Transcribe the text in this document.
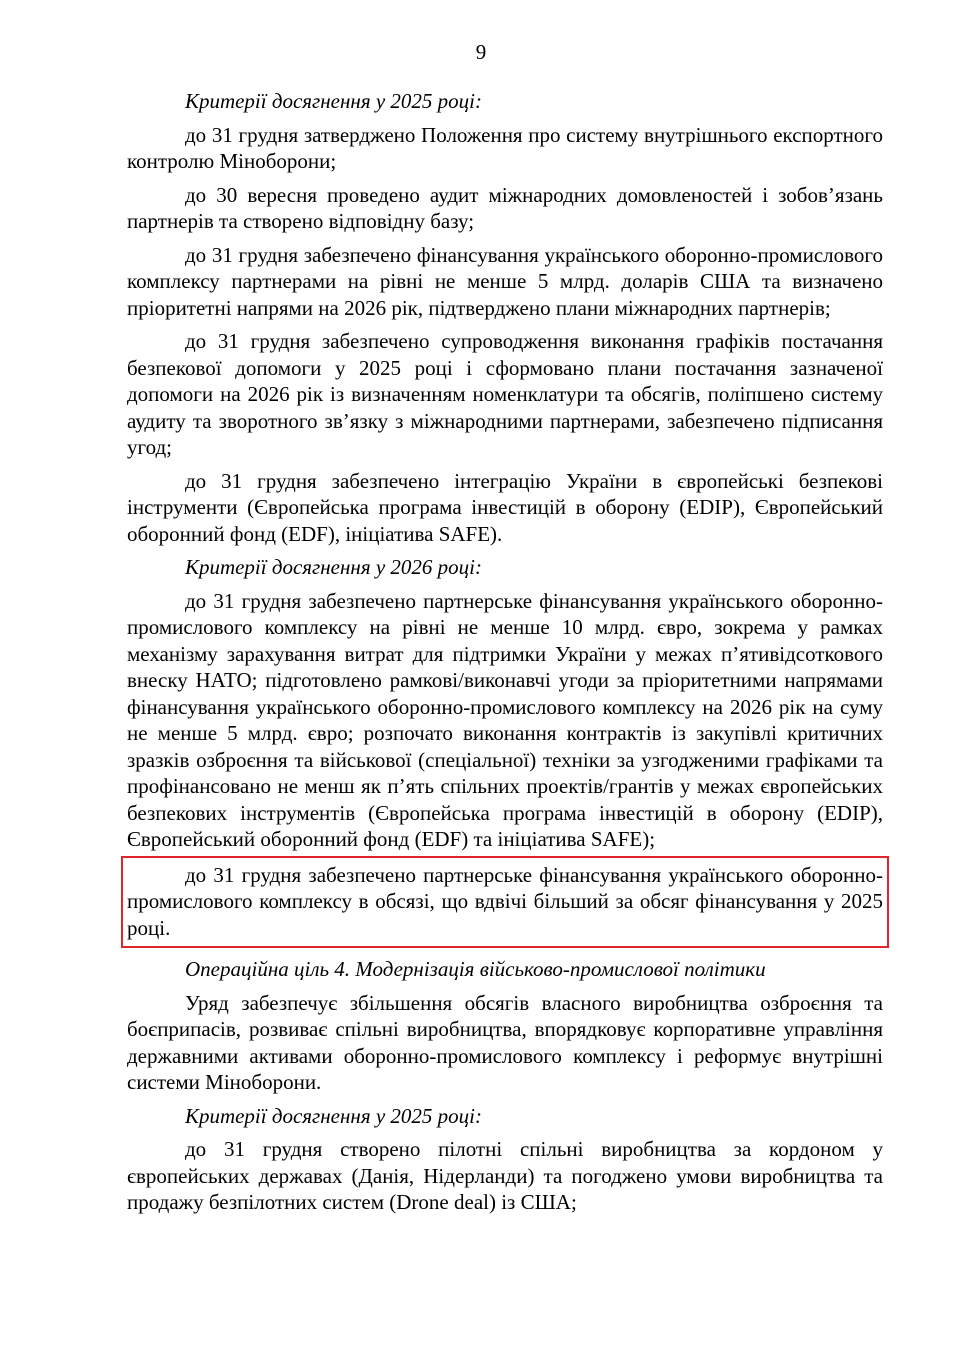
9

Критерії досягнення у 2025 році:

до 31 грудня затверджено Положення про систему внутрішнього експортного контролю Міноборони;

до 30 вересня проведено аудит міжнародних домовленостей і зобов’язань партнерів та створено відповідну базу;

до 31 грудня забезпечено фінансування українського оборонно-промислового комплексу партнерами на рівні не менше 5 млрд. доларів США та визначено пріоритетні напрями на 2026 рік, підтверджено плани міжнародних партнерів;

до 31 грудня забезпечено супроводження виконання графіків постачання безпекової допомоги у 2025 році і сформовано плани постачання зазначеної допомоги на 2026 рік із визначенням номенклатури та обсягів, поліпшено систему аудиту та зворотного зв’язку з міжнародними партнерами, забезпечено підписання угод;

до 31 грудня забезпечено інтеграцію України в європейські безпекові інструменти (Європейська програма інвестицій в оборону (EDIP), Європейський оборонний фонд (EDF), ініціатива SAFE).

Критерії досягнення у 2026 році:

до 31 грудня забезпечено партнерське фінансування українського оборонно-промислового комплексу на рівні не менше 10 млрд. євро, зокрема у рамках механізму зарахування витрат для підтримки України у межах п’ятивідсоткового внеску НАТО; підготовлено рамкові/виконавчі угоди за пріоритетними напрямами фінансування українського оборонно-промислового комплексу на 2026 рік на суму не менше 5 млрд. євро; розпочато виконання контрактів із закупівлі критичних зразків озброєння та військової (спеціальної) техніки за узгодженими графіками та профінансовано не менш як п’ять спільних проектів/грантів у межах європейських безпекових інструментів (Європейська програма інвестицій в оборону (EDIP), Європейський оборонний фонд (EDF) та ініціатива SAFE);

до 31 грудня забезпечено партнерське фінансування українського оборонно-промислового комплексу в обсязі, що вдвічі більший за обсяг фінансування у 2025 році.

Операційна ціль 4. Модернізація військово-промислової політики

Уряд забезпечує збільшення обсягів власного виробництва озброєння та боєприпасів, розвиває спільні виробництва, впорядковує корпоративне управління державними активами оборонно-промислового комплексу і реформує внутрішні системи Міноборони.

Критерії досягнення у 2025 році:

до 31 грудня створено пілотні спільні виробництва за кордоном у європейських державах (Данія, Нідерланди) та погоджено умови виробництва та продажу безпілотних систем (Drone deal) із США;
